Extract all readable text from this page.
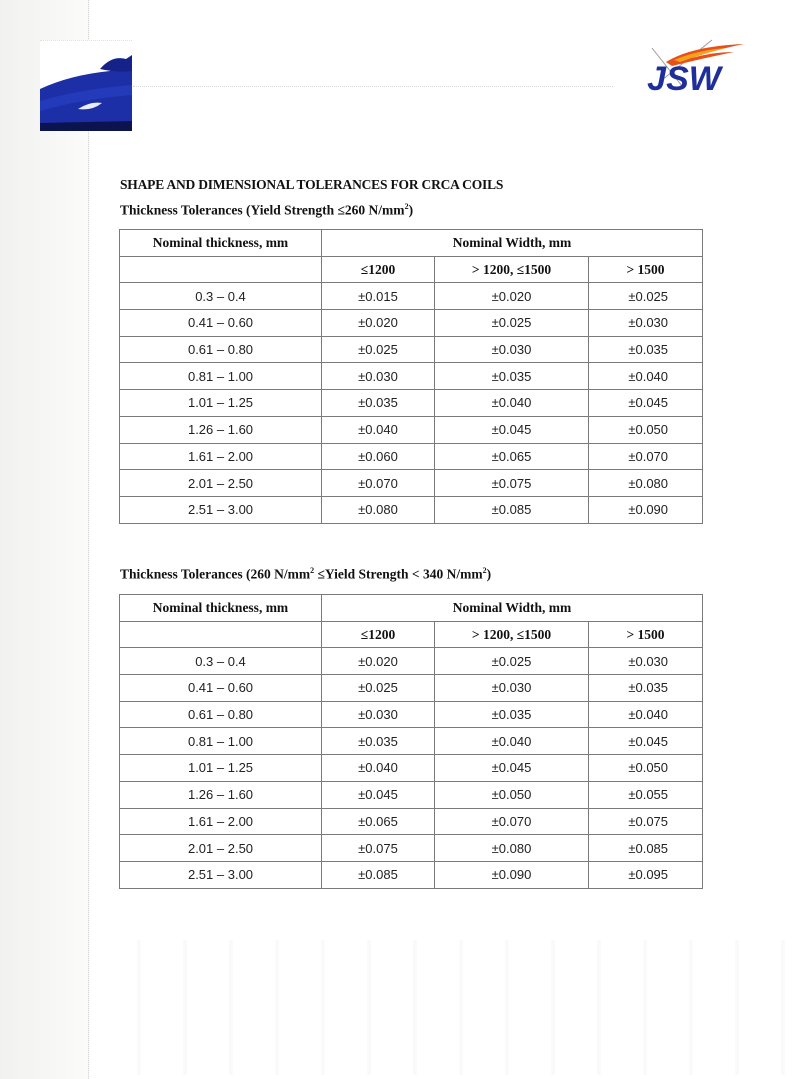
JSW
SHAPE AND DIMENSIONAL TOLERANCES FOR CRCA COILS
Thickness Tolerances (Yield Strength ≤260 $N/mm^2$)
Nominal thickness, mm	Nominal Width, mm		
	≤1200	> 1200, ≤1500	> 1500
0.3 – 0.4	±0.015	±0.020	±0.025
0.41 – 0.60	±0.020	±0.025	±0.030
0.61 – 0.80	±0.025	±0.030	±0.035
0.81 – 1.00	±0.030	±0.035	±0.040
1.01 – 1.25	±0.035	±0.040	±0.045
1.26 – 1.60	±0.040	±0.045	±0.050
1.61 – 2.00	±0.060	±0.065	±0.070
2.01 – 2.50	±0.070	±0.075	±0.080
2.51 – 3.00	±0.080	±0.085	±0.090
Thickness Tolerances (260 $N/mm^2$ ≤Yield Strength < 340 $N/mm^2$)
Nominal thickness, mm	Nominal Width, mm		
	≤1200	> 1200, ≤1500	> 1500
0.3 – 0.4	±0.020	±0.025	±0.030
0.41 – 0.60	±0.025	±0.030	±0.035
0.61 – 0.80	±0.030	±0.035	±0.040
0.81 – 1.00	±0.035	±0.040	±0.045
1.01 – 1.25	±0.040	±0.045	±0.050
1.26 – 1.60	±0.045	±0.050	±0.055
1.61 – 2.00	±0.065	±0.070	±0.075
2.01 – 2.50	±0.075	±0.080	±0.085
2.51 – 3.00	±0.085	±0.090	±0.095
